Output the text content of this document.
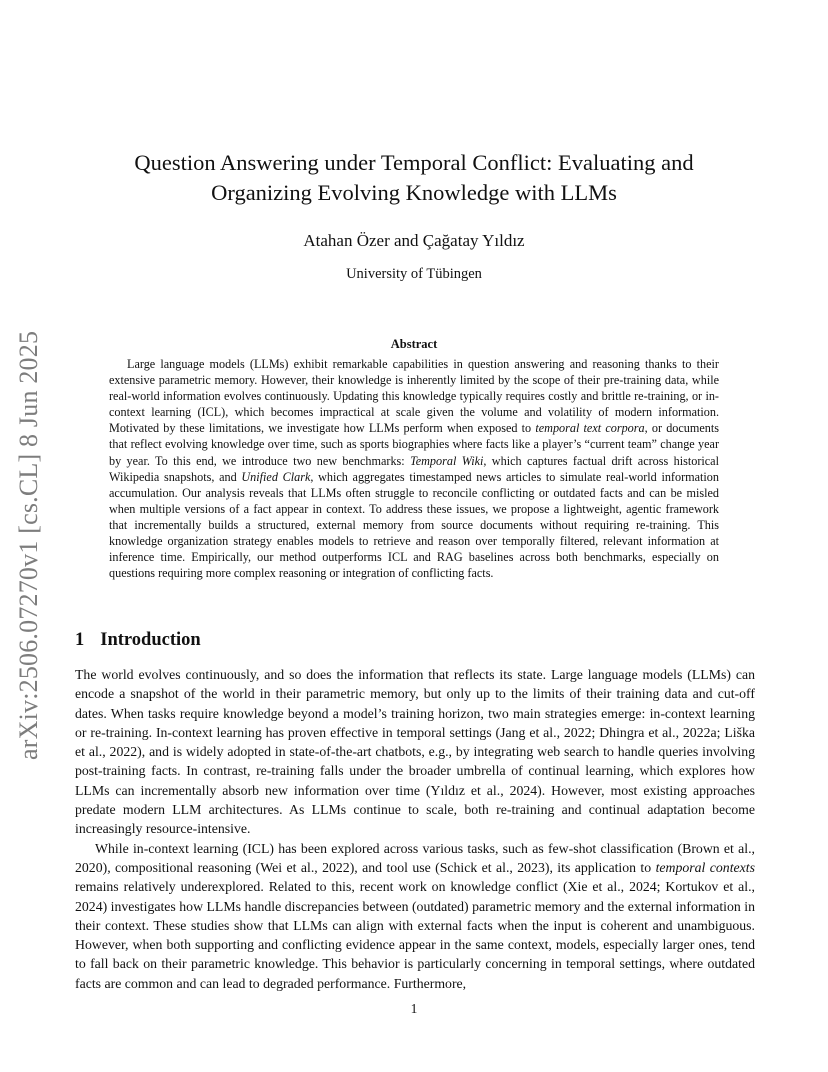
arXiv:2506.07270v1 [cs.CL] 8 Jun 2025
Question Answering under Temporal Conflict: Evaluating and
Organizing Evolving Knowledge with LLMs
Atahan Özer and Çağatay Yıldız
University of Tübingen
Abstract

Large language models (LLMs) exhibit remarkable capabilities in question answering and reasoning thanks to their extensive parametric memory. However, their knowledge is inherently limited by the scope of their pre-training data, while real-world information evolves continuously. Updating this knowledge typically requires costly and brittle re-training, or in-context learning (ICL), which becomes impractical at scale given the volume and volatility of modern information. Motivated by these limitations, we investigate how LLMs perform when exposed to temporal text corpora, or documents that reflect evolving knowledge over time, such as sports biographies where facts like a player’s “current team” change year by year. To this end, we introduce two new benchmarks: Temporal Wiki, which captures factual drift across historical Wikipedia snapshots, and Unified Clark, which aggregates timestamped news articles to simulate real-world information accumulation. Our analysis reveals that LLMs often struggle to reconcile conflicting or outdated facts and can be misled when multiple versions of a fact appear in context. To address these issues, we propose a lightweight, agentic framework that incrementally builds a structured, external memory from source documents without requiring re-training. This knowledge organization strategy enables models to retrieve and reason over temporally filtered, relevant information at inference time. Empirically, our method outperforms ICL and RAG baselines across both benchmarks, especially on questions requiring more complex reasoning or integration of conflicting facts.

1 Introduction

The world evolves continuously, and so does the information that reflects its state. Large language models (LLMs) can encode a snapshot of the world in their parametric memory, but only up to the limits of their training data and cut-off dates. When tasks require knowledge beyond a model’s training horizon, two main strategies emerge: in-context learning or re-training. In-context learning has proven effective in temporal settings (Jang et al., 2022; Dhingra et al., 2022a; Liška et al., 2022), and is widely adopted in state-of-the-art chatbots, e.g., by integrating web search to handle queries involving post-training facts. In contrast, re-training falls under the broader umbrella of continual learning, which explores how LLMs can incrementally absorb new information over time (Yıldız et al., 2024). However, most existing approaches predate modern LLM architectures. As LLMs continue to scale, both re-training and continual adaptation become increasingly resource-intensive.

While in-context learning (ICL) has been explored across various tasks, such as few-shot classification (Brown et al., 2020), compositional reasoning (Wei et al., 2022), and tool use (Schick et al., 2023), its application to temporal contexts remains relatively underexplored. Related to this, recent work on knowledge conflict (Xie et al., 2024; Kortukov et al., 2024) investigates how LLMs handle discrepancies between (outdated) parametric memory and the external information in their context. These studies show that LLMs can align with external facts when the input is coherent and unambiguous. However, when both supporting and conflicting evidence appear in the same context, models, especially larger ones, tend to fall back on their parametric knowledge. This behavior is particularly concerning in temporal settings, where outdated facts are common and can lead to degraded performance. Furthermore,

1
